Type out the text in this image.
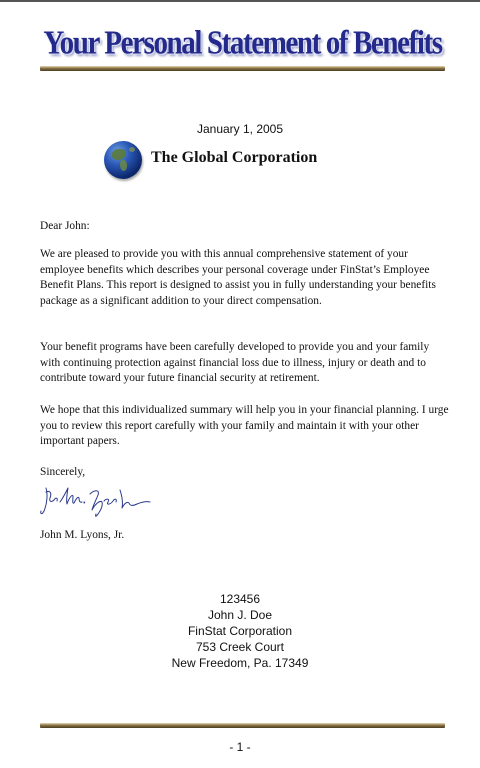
Your Personal Statement of Benefits
January 1, 2005
The Global Corporation
Dear John:
We are pleased to provide you with this annual comprehensive statement of your employee benefits which describes your personal coverage under FinStat’s Employee Benefit Plans. This report is designed to assist you in fully understanding your benefits package as a significant addition to your direct compensation.
Your benefit programs have been carefully developed to provide you and your family with continuing protection against financial loss due to illness, injury or death and to contribute toward your future financial security at retirement.
We hope that this individualized summary will help you in your financial planning. I urge you to review this report carefully with your family and maintain it with your other important papers.
Sincerely,
John M. Lyons, Jr.
123456
John J. Doe
FinStat Corporation
753 Creek Court
New Freedom, Pa. 17349
- 1 -
